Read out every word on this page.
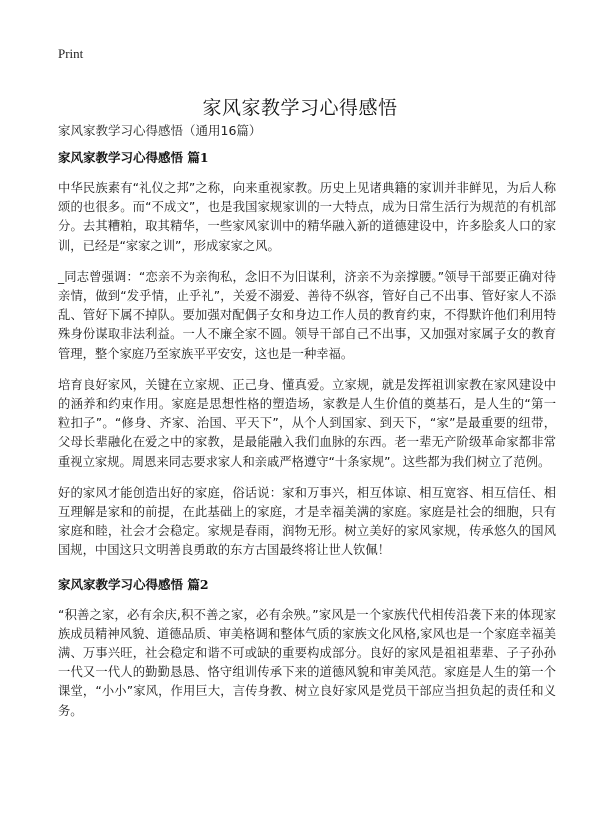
Print
家风家教学习心得感悟
家风家教学习心得感悟（通用16篇）
家风家教学习心得感悟 篇1

中华民族素有“礼仪之邦”之称，向来重视家教。历史上见诸典籍的家训并非鲜见，为后人称颂的也很多。而“不成文”，也是我国家规家训的一大特点，成为日常生活行为规范的有机部分。去其糟粕，取其精华，一些家风家训中的精华融入新的道德建设中，许多脍炙人口的家训，已经是“家家之训”，形成家家之风。

_同志曾强调：“恋亲不为亲徇私，念旧不为旧谋利，济亲不为亲撑腰。”领导干部要正确对待亲情，做到“发乎情，止乎礼”，关爱不溺爱、善待不纵容，管好自己不出事、管好家人不添乱、管好下属不掉队。要加强对配偶子女和身边工作人员的教育约束，不得默许他们利用特殊身份谋取非法利益。一人不廉全家不圆。领导干部自己不出事，又加强对家属子女的教育管理，整个家庭乃至家族平平安安，这也是一种幸福。

培育良好家风，关键在立家规、正己身、懂真爱。立家规，就是发挥祖训家教在家风建设中的涵养和约束作用。家庭是思想性格的塑造场，家教是人生价值的奠基石，是人生的“第一粒扣子”。“修身、齐家、治国、平天下”，从个人到国家、到天下，“家”是最重要的纽带，父母长辈融化在爱之中的家教，是最能融入我们血脉的东西。老一辈无产阶级革命家都非常重视立家规。周恩来同志要求家人和亲戚严格遵守“十条家规”。这些都为我们树立了范例。

好的家风才能创造出好的家庭，俗话说：家和万事兴，相互体谅、相互宽容、相互信任、相互理解是家和的前提，在此基础上的家庭，才是幸福美满的家庭。家庭是社会的细胞，只有家庭和睦，社会才会稳定。家规是春雨，润物无形。树立美好的家风家规，传承悠久的国风国规，中国这只文明善良勇敢的东方古国最终将让世人钦佩！

家风家教学习心得感悟 篇2

“积善之家，必有余庆,积不善之家，必有余殃。”家风是一个家族代代相传沿袭下来的体现家族成员精神风貌、道德品质、审美格调和整体气质的家族文化风格,家风也是一个家庭幸福美满、万事兴旺，社会稳定和谐不可或缺的重要构成部分。良好的家风是祖祖辈辈、子子孙孙一代又一代人的勤勤恳恳、恪守组训传承下来的道德风貌和审美风范。家庭是人生的第一个课堂，“小小”家风，作用巨大，言传身教、树立良好家风是党员干部应当担负起的责任和义务。
